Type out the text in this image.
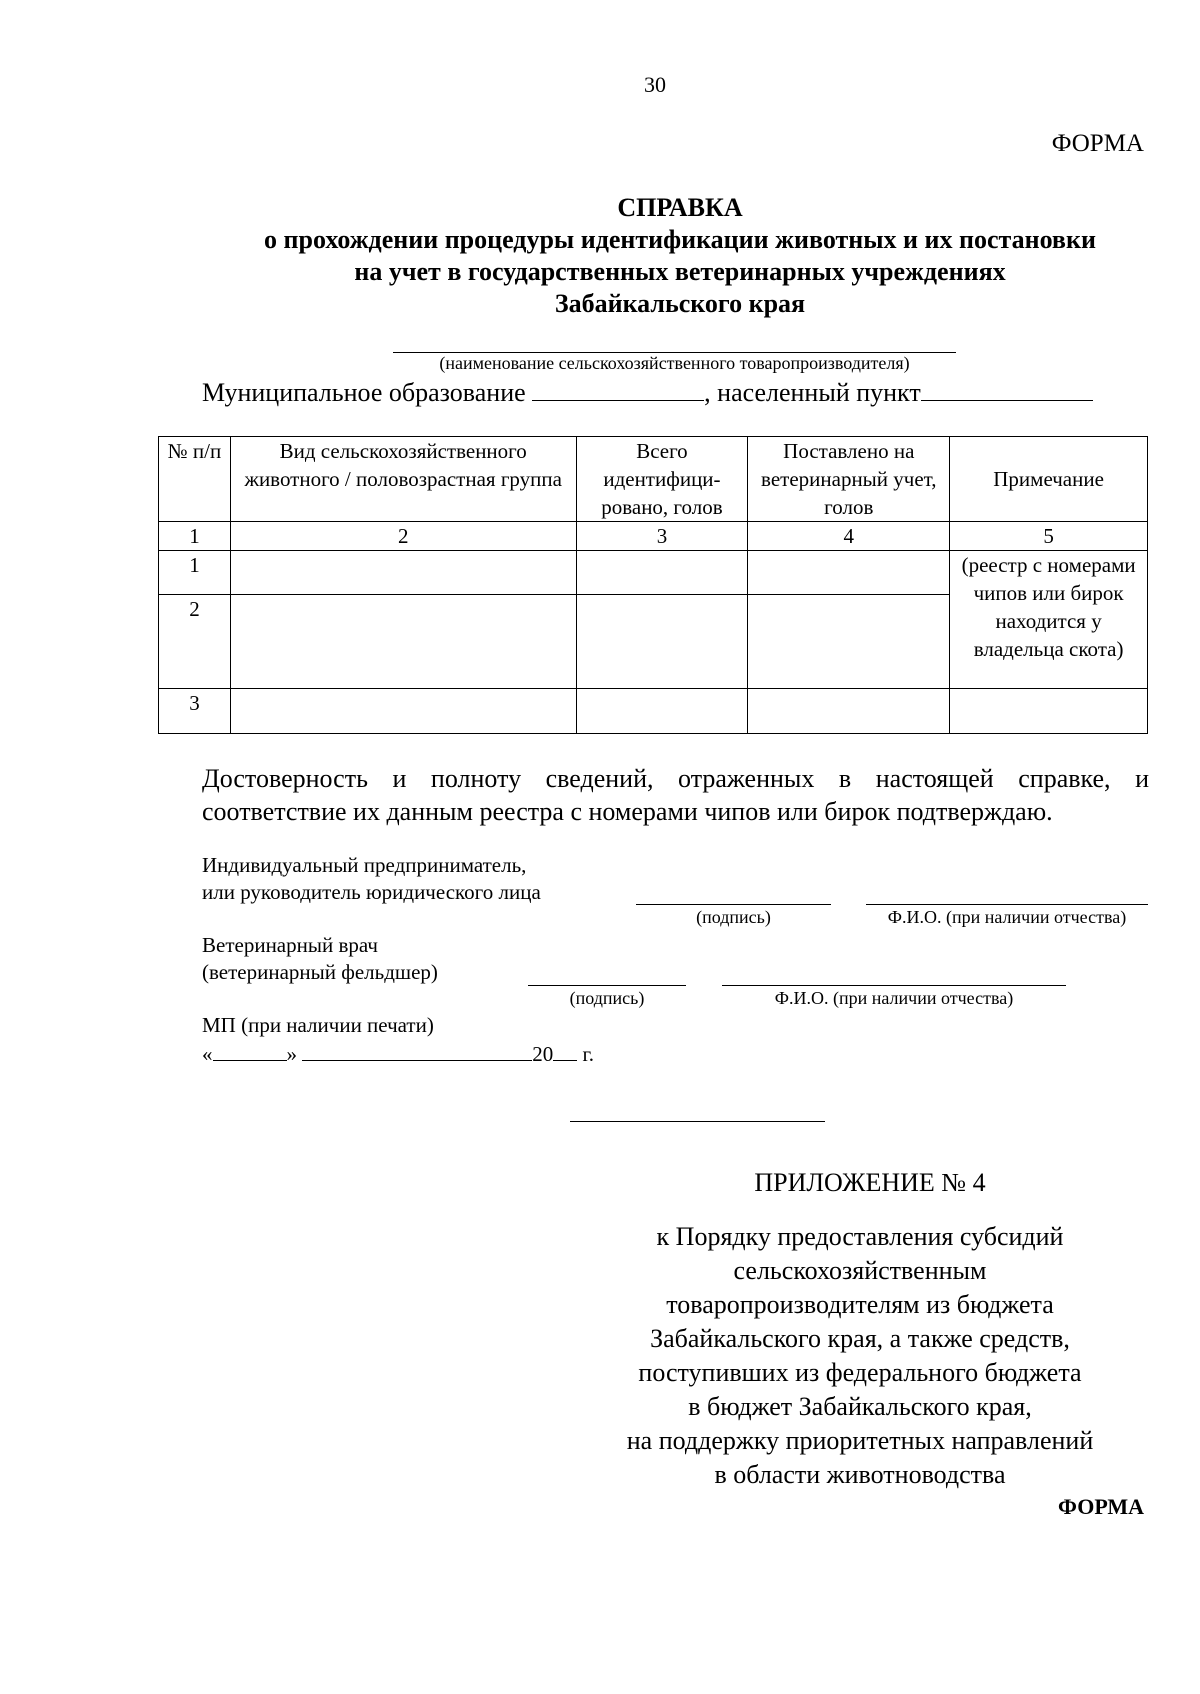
30
ФОРМА
СПРАВКА
о прохождении процедуры идентификации животных и их постановки
на учет в государственных ветеринарных учреждениях
Забайкальского края
(наименование сельскохозяйственного товаропроизводителя)
Муниципальное образование	, населенный пункт
№ п/п	Вид сельскохозяйственного животного / половозрастная группа	Всего идентифици-ровано, голов	Поставлено на ветеринарный учет, голов	Примечание
1	2	3	4	5
1				(реестр с номерами чипов или бирок находится у владельца скота)
2				
3				
Достоверность и полноту сведений, отраженных в настоящей справке, и
соответствие их данным реестра с номерами чипов или бирок подтверждаю.
Индивидуальный предприниматель,
или руководитель юридического лица
(подпись)	Ф.И.О. (при наличии отчества)
Ветеринарный врач
(ветеринарный фельдшер)
(подпись)	Ф.И.О. (при наличии отчества)
МП (при наличии печати)
«	»	20 г.
ПРИЛОЖЕНИЕ № 4
к Порядку предоставления субсидий
сельскохозяйственным
товаропроизводителям из бюджета
Забайкальского края, а также средств,
поступивших из федерального бюджета
в бюджет Забайкальского края,
на поддержку приоритетных направлений
в области животноводства
ФОРМА
